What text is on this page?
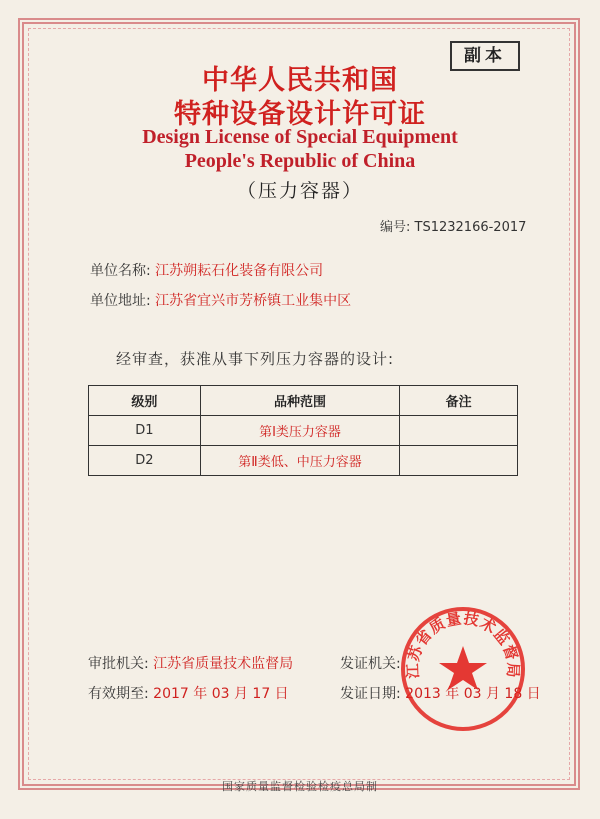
副本
中华人民共和国
特种设备设计许可证
Design License of Special Equipment
People's Republic of China
（压力容器）
编号: TS1232166-2017
单位名称: 江苏朔耘石化装备有限公司
单位地址: 江苏省宜兴市芳桥镇工业集中区
经审查，获准从事下列压力容器的设计:
级别	品种范围	备注
D1	第Ⅰ类压力容器	
D2	第Ⅱ类低、中压力容器	
审批机关: 江苏省质量技术监督局
有效期至: 2017 年 03 月 17 日
发证机关:
发证日期: 2013 年 03 月 18 日
江苏省质量技术监督局
国家质量监督检验检疫总局制
